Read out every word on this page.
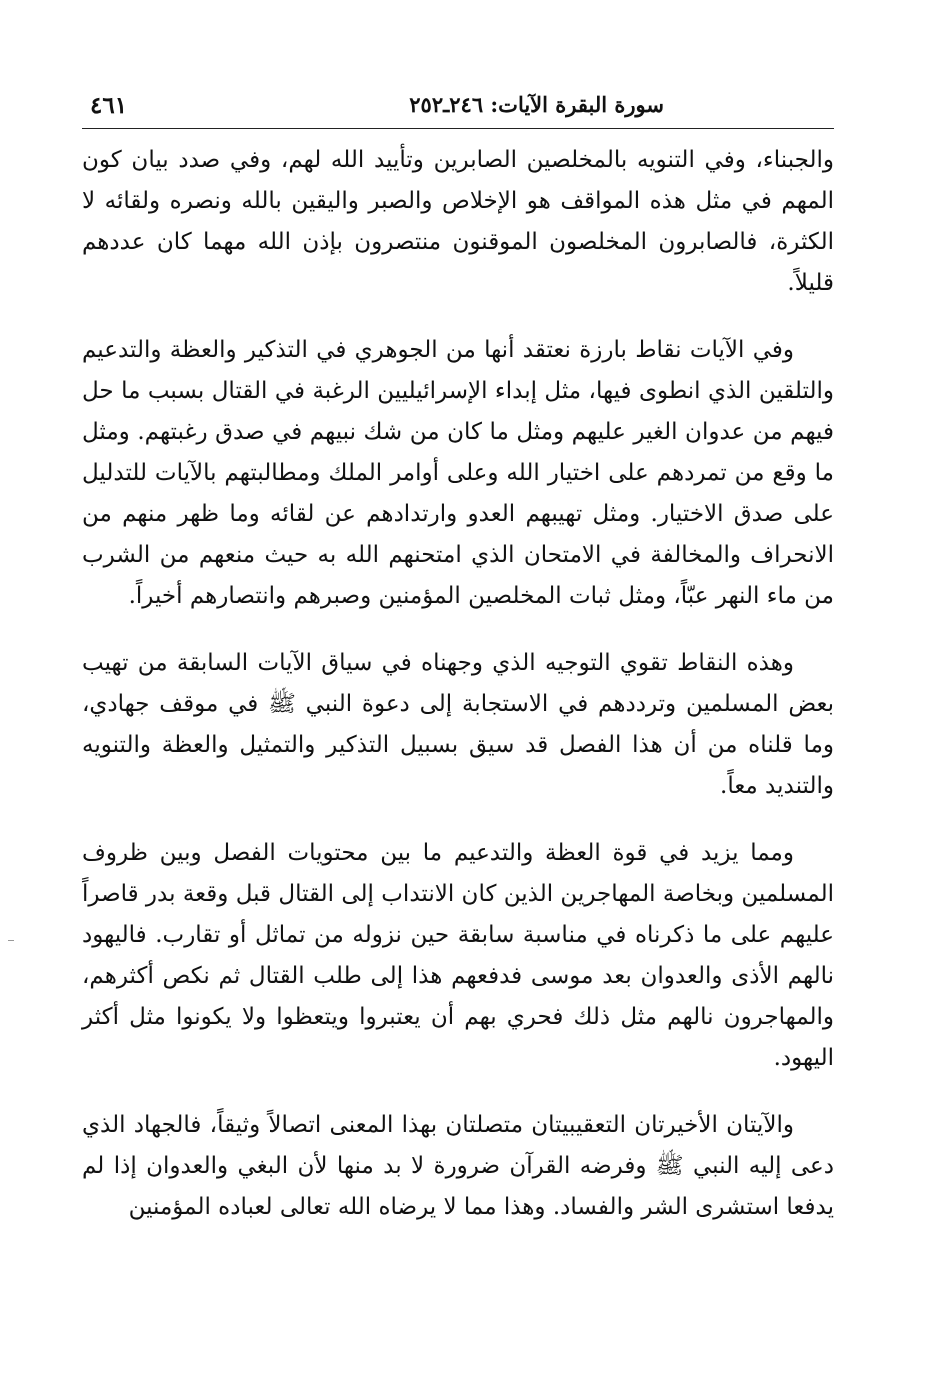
سورة البقرة الآيات: ٢٤٦ـ٢٥٢
٤٦١

والجبناء، وفي التنويه بالمخلصين الصابرين وتأييد الله لهم، وفي صدد بيان كون المهم في مثل هذه المواقف هو الإخلاص والصبر واليقين بالله ونصره ولقائه لا الكثرة، فالصابرون المخلصون الموقنون منتصرون بإذن الله مهما كان عددهم قليلاً.

وفي الآيات نقاط بارزة نعتقد أنها من الجوهري في التذكير والعظة والتدعيم والتلقين الذي انطوى فيها، مثل إبداء الإسرائيليين الرغبة في القتال بسبب ما حل فيهم من عدوان الغير عليهم ومثل ما كان من شك نبيهم في صدق رغبتهم. ومثل ما وقع من تمردهم على اختيار الله وعلى أوامر الملك ومطالبتهم بالآيات للتدليل على صدق الاختيار. ومثل تهيبهم العدو وارتدادهم عن لقائه وما ظهر منهم من الانحراف والمخالفة في الامتحان الذي امتحنهم الله به حيث منعهم من الشرب من ماء النهر عبّاً، ومثل ثبات المخلصين المؤمنين وصبرهم وانتصارهم أخيراً.

وهذه النقاط تقوي التوجيه الذي وجهناه في سياق الآيات السابقة من تهيب بعض المسلمين وترددهم في الاستجابة إلى دعوة النبي ﷺ في موقف جهادي، وما قلناه من أن هذا الفصل قد سيق بسبيل التذكير والتمثيل والعظة والتنويه والتنديد معاً.

ومما يزيد في قوة العظة والتدعيم ما بين محتويات الفصل وبين ظروف المسلمين وبخاصة المهاجرين الذين كان الانتداب إلى القتال قبل وقعة بدر قاصراً عليهم على ما ذكرناه في مناسبة سابقة حين نزوله من تماثل أو تقارب. فاليهود نالهم الأذى والعدوان بعد موسى فدفعهم هذا إلى طلب القتال ثم نكص أكثرهم، والمهاجرون نالهم مثل ذلك فحري بهم أن يعتبروا ويتعظوا ولا يكونوا مثل أكثر اليهود.

والآيتان الأخيرتان التعقيبيتان متصلتان بهذا المعنى اتصالاً وثيقاً، فالجهاد الذي دعى إليه النبي ﷺ وفرضه القرآن ضرورة لا بد منها لأن البغي والعدوان إذا لم يدفعا استشرى الشر والفساد. وهذا مما لا يرضاه الله تعالى لعباده المؤمنين
